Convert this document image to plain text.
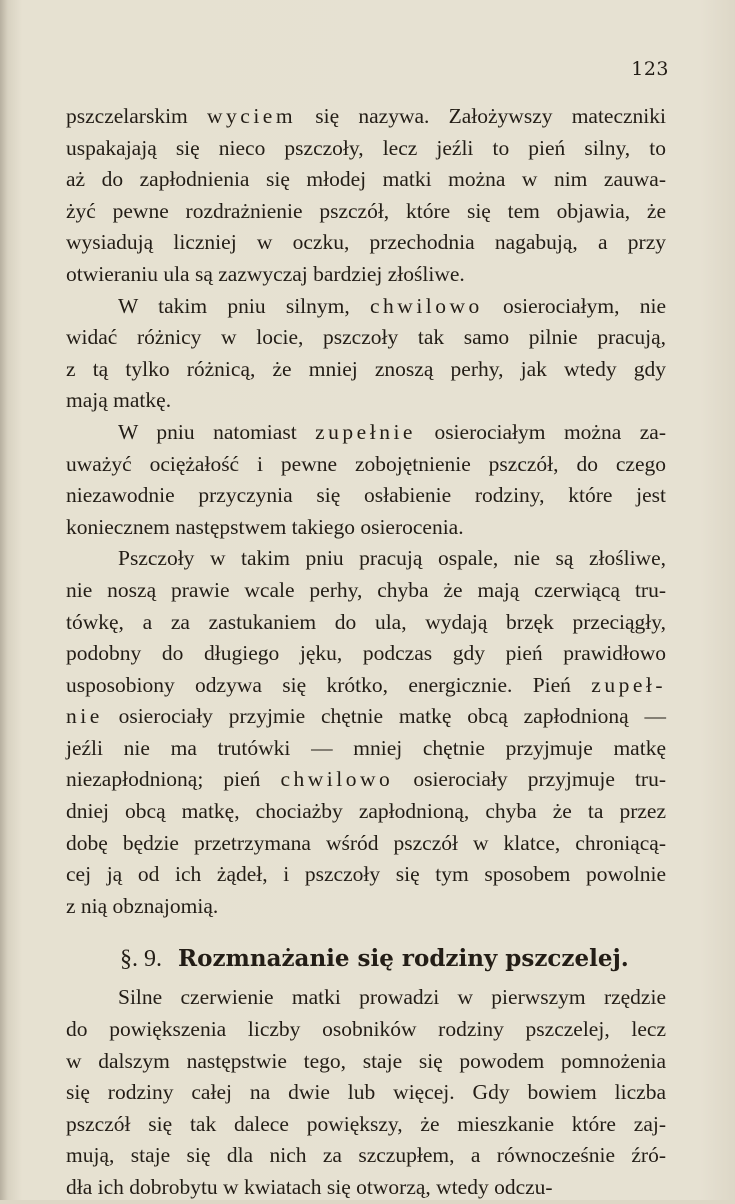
123
pszczelarskim wyciem się nazywa. Założywszy mateczniki
uspakajają się nieco pszczoły, lecz jeźli to pień silny, to
aż do zapłodnienia się młodej matki można w nim zauwa-
żyć pewne rozdrażnienie pszczół, które się tem objawia, że
wysiadują liczniej w oczku, przechodnia nagabują, a przy
otwieraniu ula są zazwyczaj bardziej złośliwe.
W takim pniu silnym, chwilowo osierociałym, nie
widać różnicy w locie, pszczoły tak samo pilnie pracują,
z tą tylko różnicą, że mniej znoszą perhy, jak wtedy gdy
mają matkę.
W pniu natomiast zupełnie osierociałym można za-
uważyć ociężałość i pewne zobojętnienie pszczół, do czego
niezawodnie przyczynia się osłabienie rodziny, które jest
koniecznem następstwem takiego osierocenia.
Pszczoły w takim pniu pracują ospale, nie są złośliwe,
nie noszą prawie wcale perhy, chyba że mają czerwiącą tru-
tówkę, a za zastukaniem do ula, wydają brzęk przeciągły,
podobny do długiego jęku, podczas gdy pień prawidłowo
usposobiony odzywa się krótko, energicznie. Pień zupeł-
nie osierociały przyjmie chętnie matkę obcą zapłodnioną —
jeźli nie ma trutówki — mniej chętnie przyjmuje matkę
niezapłodnioną; pień chwilowo osierociały przyjmuje tru-
dniej obcą matkę, chociażby zapłodnioną, chyba że ta przez
dobę będzie przetrzymana wśród pszczół w klatce, chroniącą-
cej ją od ich żądeł, i pszczoły się tym sposobem powolnie
z nią obznajomią.
§. 9. Rozmnażanie się rodziny pszczelej.
Silne czerwienie matki prowadzi w pierwszym rzędzie
do powiększenia liczby osobników rodziny pszczelej, lecz
w dalszym następstwie tego, staje się powodem pomnożenia
się rodziny całej na dwie lub więcej. Gdy bowiem liczba
pszczół się tak dalece powiększy, że mieszkanie które zaj-
mują, staje się dla nich za szczupłem, a równocześnie źró-
dła ich dobrobytu w kwiatach się otworzą, wtedy odczu-
